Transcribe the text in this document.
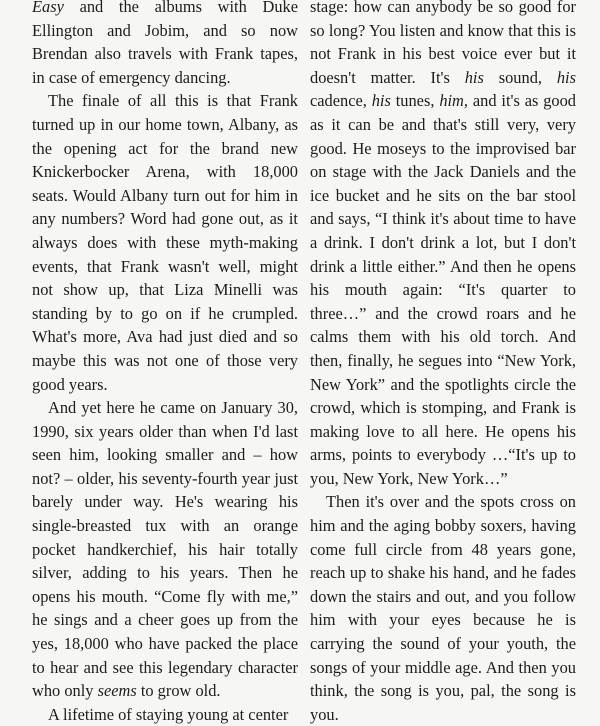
Easy and the albums with Duke Ellington and Jobim, and so now Brendan also travels with Frank tapes, in case of emergency dancing.

The finale of all this is that Frank turned up in our home town, Albany, as the opening act for the brand new Knickerbocker Arena, with 18,000 seats. Would Albany turn out for him in any numbers? Word had gone out, as it always does with these myth-making events, that Frank wasn't well, might not show up, that Liza Minelli was standing by to go on if he crumpled. What's more, Ava had just died and so maybe this was not one of those very good years.

And yet here he came on January 30, 1990, six years older than when I'd last seen him, looking smaller and – how not? – older, his seventy-fourth year just barely under way. He's wearing his single-breasted tux with an orange pocket handkerchief, his hair totally silver, adding to his years. Then he opens his mouth. “Come fly with me,” he sings and a cheer goes up from the yes, 18,000 who have packed the place to hear and see this legendary character who only seems to grow old.

A lifetime of staying young at center

stage: how can anybody be so good for so long? You listen and know that this is not Frank in his best voice ever but it doesn't matter. It's his sound, his cadence, his tunes, him, and it's as good as it can be and that's still very, very good. He moseys to the improvised bar on stage with the Jack Daniels and the ice bucket and he sits on the bar stool and says, “I think it's about time to have a drink. I don't drink a lot, but I don't drink a little either.” And then he opens his mouth again: “It's quarter to three…” and the crowd roars and he calms them with his old torch. And then, finally, he segues into “New York, New York” and the spotlights circle the crowd, which is stomping, and Frank is making love to all here. He opens his arms, points to everybody …“It's up to you, New York, New York…”

Then it's over and the spots cross on him and the aging bobby soxers, having come full circle from 48 years gone, reach up to shake his hand, and he fades down the stairs and out, and you follow him with your eyes because he is carrying the sound of your youth, the songs of your middle age. And then you think, the song is you, pal, the song is you.
